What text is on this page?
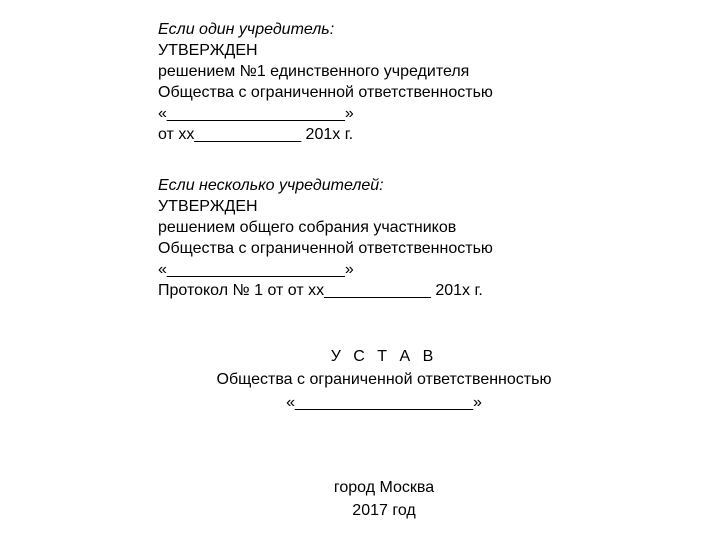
Если один учредитель:
УТВЕРЖДЕН
решением №1 единственного учредителя
Общества с ограниченной ответственностью
«____________________»
от хх____________ 201х г.
Если несколько учредителей:
УТВЕРЖДЕН
решением общего собрания участников
Общества с ограниченной ответственностью
«____________________»
Протокол № 1 от от хх____________ 201х г.
У С Т А В
Общества с ограниченной ответственностью
«____________________»
город Москва
2017 год
